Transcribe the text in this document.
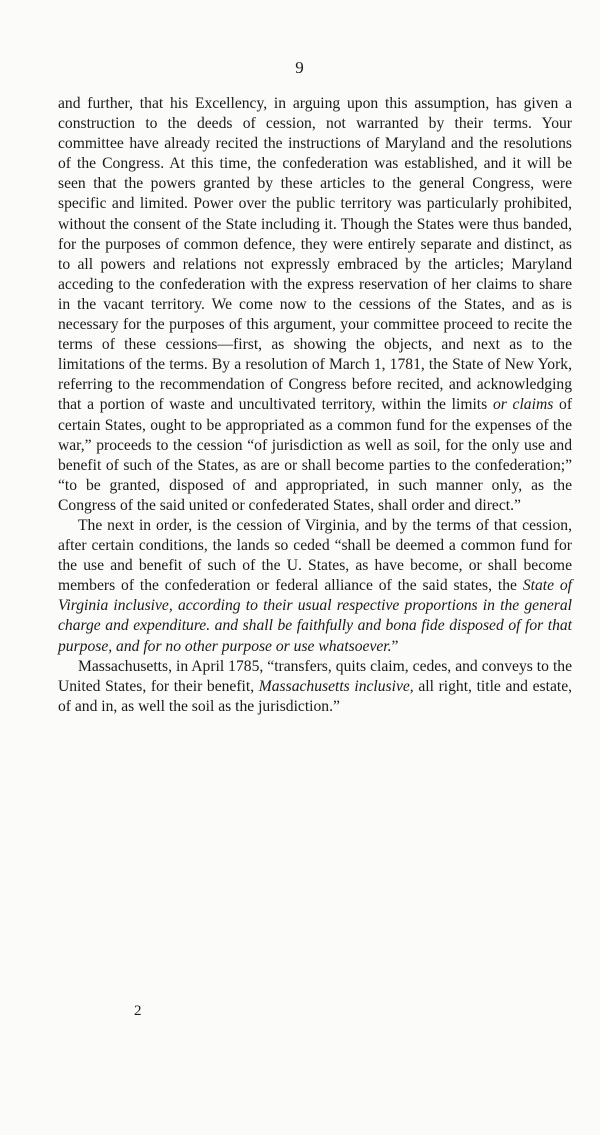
9

and further, that his Excellency, in arguing upon this assumption, has given a construction to the deeds of cession, not warranted by their terms. Your committee have already recited the instructions of Maryland and the resolutions of the Congress. At this time, the confederation was established, and it will be seen that the powers granted by these articles to the general Congress, were specific and limited. Power over the public territory was particularly prohibited, without the consent of the State including it. Though the States were thus banded, for the purposes of common defence, they were entirely separate and distinct, as to all powers and relations not expressly embraced by the articles; Maryland acceding to the confederation with the express reservation of her claims to share in the vacant territory. We come now to the cessions of the States, and as is necessary for the purposes of this argument, your committee proceed to recite the terms of these cessions—first, as showing the objects, and next as to the limitations of the terms. By a resolution of March 1, 1781, the State of New York, referring to the recommendation of Congress before recited, and acknowledging that a portion of waste and uncultivated territory, within the limits or claims of certain States, ought to be appropriated as a common fund for the expenses of the war,” proceeds to the cession “of jurisdiction as well as soil, for the only use and benefit of such of the States, as are or shall become parties to the confederation;” “to be granted, disposed of and appropriated, in such manner only, as the Congress of the said united or confederated States, shall order and direct.”

The next in order, is the cession of Virginia, and by the terms of that cession, after certain conditions, the lands so ceded “shall be deemed a common fund for the use and benefit of such of the U. States, as have become, or shall become members of the confederation or federal alliance of the said states, the State of Virginia inclusive, according to their usual respective proportions in the general charge and expenditure. and shall be faithfully and bona fide disposed of for that purpose, and for no other purpose or use whatsoever.”

Massachusetts, in April 1785, “transfers, quits claim, cedes, and conveys to the United States, for their benefit, Massachusetts inclusive, all right, title and estate, of and in, as well the soil as the jurisdiction.”

2
